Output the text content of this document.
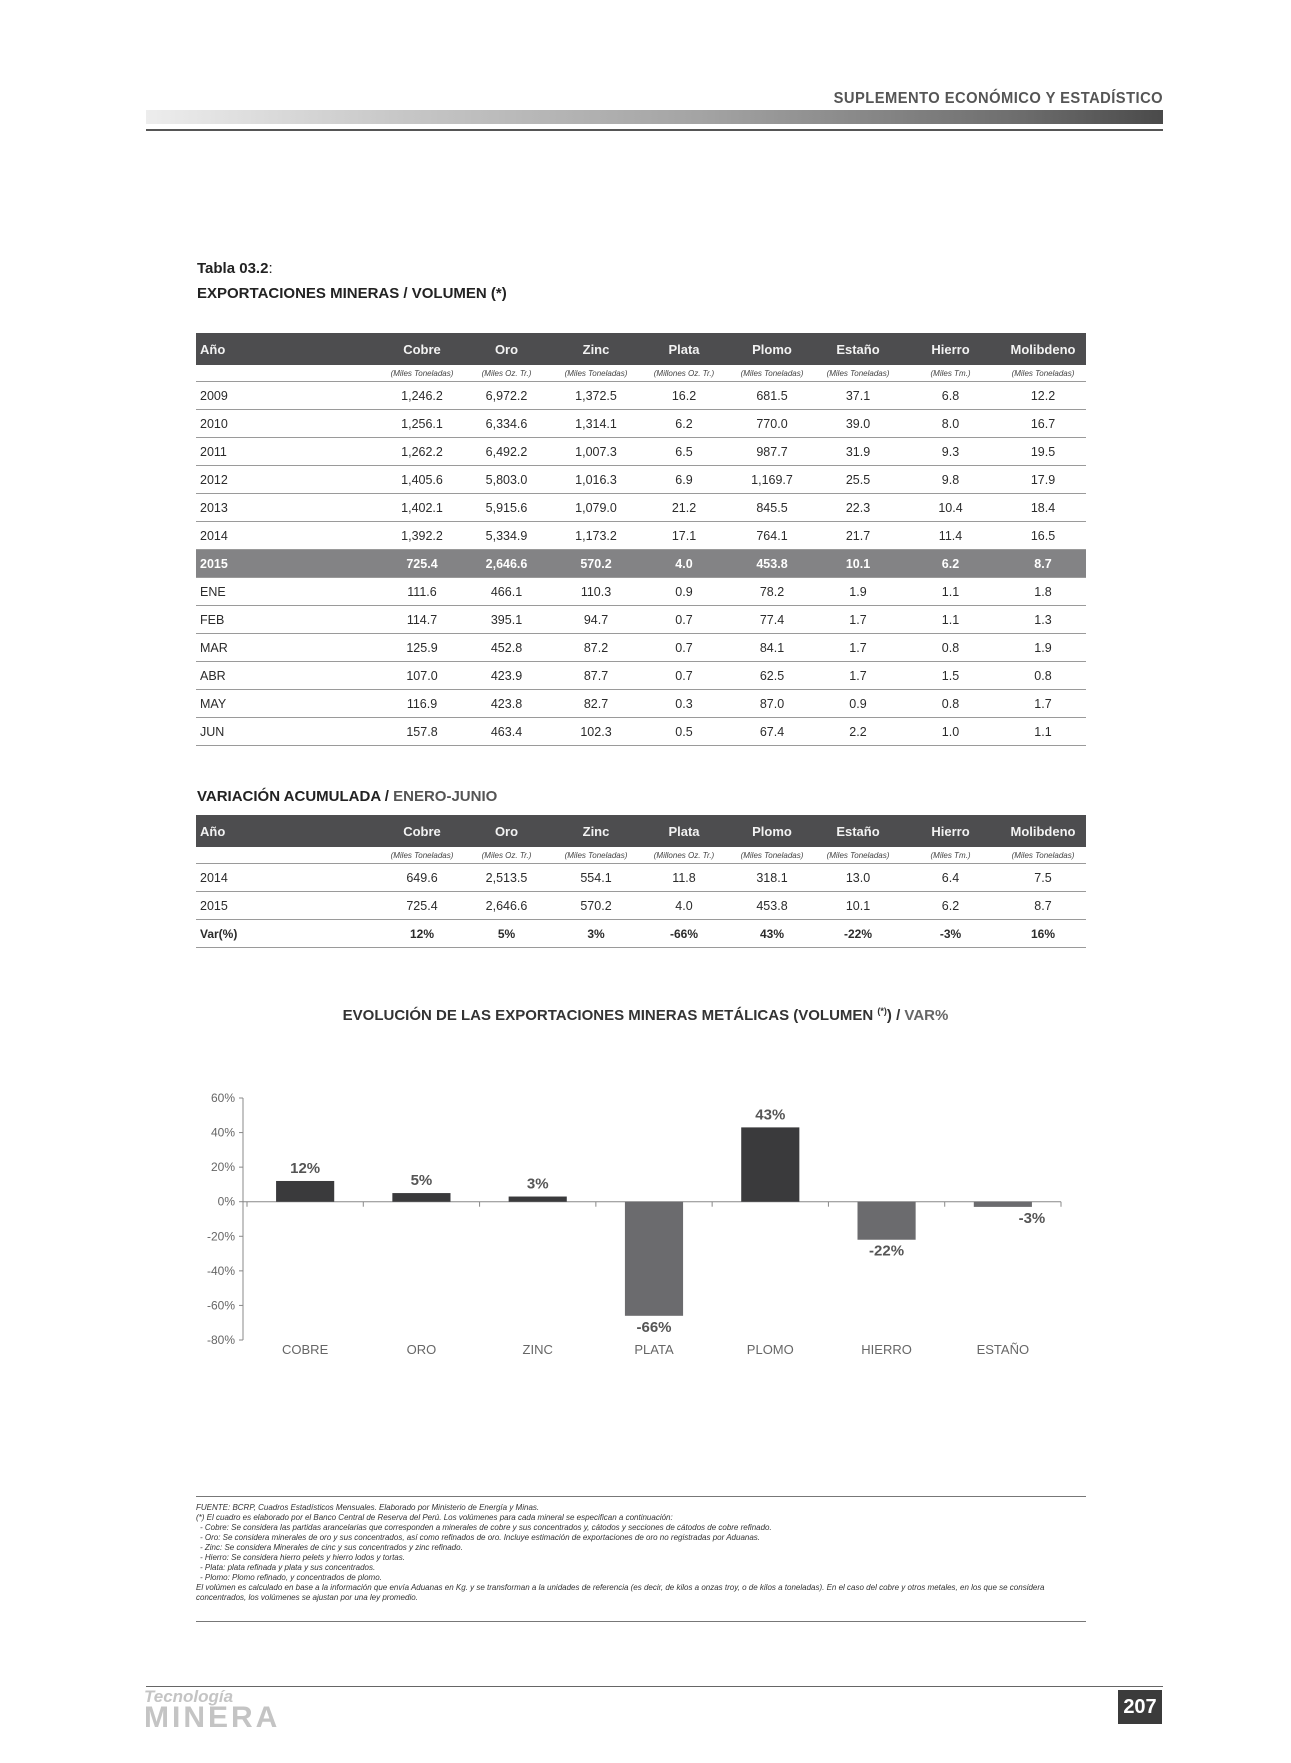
SUPLEMENTO ECONÓMICO Y ESTADÍSTICO
Tabla 03.2:
EXPORTACIONES MINERAS / VOLUMEN (*)
Año		Cobre	Oro	Zinc	Plata	Plomo	Estaño	Hierro	Molibdeno
		(Miles Toneladas)	(Miles Oz. Tr.)	(Miles Toneladas)	(Millones Oz. Tr.)	(Miles Toneladas)	(Miles Toneladas)	(Miles Tm.)	(Miles Toneladas)
2009		1,246.2	6,972.2	1,372.5	16.2	681.5	37.1	6.8	12.2
2010		1,256.1	6,334.6	1,314.1	6.2	770.0	39.0	8.0	16.7
2011		1,262.2	6,492.2	1,007.3	6.5	987.7	31.9	9.3	19.5
2012		1,405.6	5,803.0	1,016.3	6.9	1,169.7	25.5	9.8	17.9
2013		1,402.1	5,915.6	1,079.0	21.2	845.5	22.3	10.4	18.4
2014		1,392.2	5,334.9	1,173.2	17.1	764.1	21.7	11.4	16.5
2015		725.4	2,646.6	570.2	4.0	453.8	10.1	6.2	8.7
ENE		111.6	466.1	110.3	0.9	78.2	1.9	1.1	1.8
FEB		114.7	395.1	94.7	0.7	77.4	1.7	1.1	1.3
MAR		125.9	452.8	87.2	0.7	84.1	1.7	0.8	1.9
ABR		107.0	423.9	87.7	0.7	62.5	1.7	1.5	0.8
MAY		116.9	423.8	82.7	0.3	87.0	0.9	0.8	1.7
JUN		157.8	463.4	102.3	0.5	67.4	2.2	1.0	1.1
VARIACIÓN ACUMULADA / ENERO-JUNIO
Año		Cobre	Oro	Zinc	Plata	Plomo	Estaño	Hierro	Molibdeno
		(Miles Toneladas)	(Miles Oz. Tr.)	(Miles Toneladas)	(Millones Oz. Tr.)	(Miles Toneladas)	(Miles Toneladas)	(Miles Tm.)	(Miles Toneladas)
2014		649.6	2,513.5	554.1	11.8	318.1	13.0	6.4	7.5
2015		725.4	2,646.6	570.2	4.0	453.8	10.1	6.2	8.7
Var(%)		12%	5%	3%	-66%	43%	-22%	-3%	16%
EVOLUCIÓN DE LAS EXPORTACIONES MINERAS METÁLICAS (VOLUMEN (*)) / VAR%
60%
40%
20%
0%
-20%
-40%
-60%
-80%
12%
COBRE
5%
ORO
3%
ZINC
-66%
PLATA
43%
PLOMO
-22%
HIERRO
-3%
ESTAÑO
FUENTE: BCRP, Cuadros Estadísticos Mensuales. Elaborado por Ministerio de Energía y Minas.
(*) El cuadro es elaborado por el Banco Central de Reserva del Perú. Los volúmenes para cada mineral se especifican a continuación:
- Cobre: Se considera las partidas arancelarias que corresponden a minerales de cobre y sus concentrados y, cátodos y secciones de cátodos de cobre refinado.
- Oro: Se considera minerales de oro y sus concentrados, así como refinados de oro. Incluye estimación de exportaciones de oro no registradas por Aduanas.
- Zinc: Se considera Minerales de cinc y sus concentrados y zinc refinado.
- Hierro: Se considera hierro pelets y hierro lodos y tortas.
- Plata: plata refinada y plata y sus concentrados.
- Plomo: Plomo refinado, y concentrados de plomo.
El volúmen es calculado en base a la información que envía Aduanas en Kg. y se transforman a la unidades de referencia (es decir, de kilos a onzas troy, o de kilos a toneladas). En el caso del cobre y otros metales, en los que se considera concentrados, los volúmenes se ajustan por una ley promedio.
Tecnología
MINERA	207
